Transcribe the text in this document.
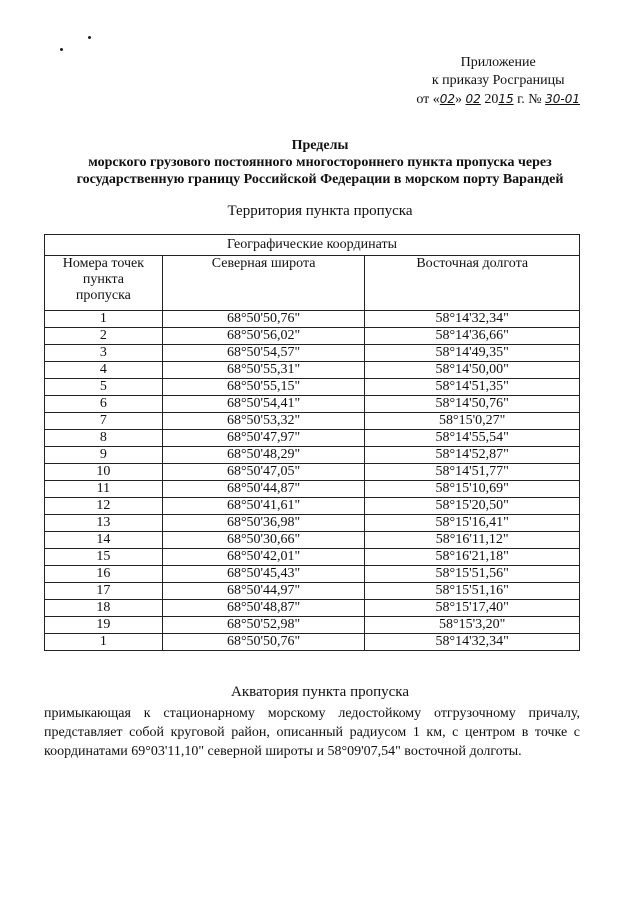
Приложение
к приказу Росграницы
от «02» 02 2015 г. № 30-01
Пределы
морского грузового постоянного многостороннего пункта пропуска через
государственную границу Российской Федерации в морском порту Варандей
Территория пункта пропуска
Географические координаты		

Номера точек
пункта
пропуска	Северная широта	Восточная долгота
1	68°50'50,76"	58°14'32,34"
2	68°50'56,02"	58°14'36,66"
3	68°50'54,57"	58°14'49,35"
4	68°50'55,31"	58°14'50,00"
5	68°50'55,15"	58°14'51,35"
6	68°50'54,41"	58°14'50,76"
7	68°50'53,32"	58°15'0,27"
8	68°50'47,97"	58°14'55,54"
9	68°50'48,29"	58°14'52,87"
10	68°50'47,05"	58°14'51,77"
11	68°50'44,87"	58°15'10,69"
12	68°50'41,61"	58°15'20,50"
13	68°50'36,98"	58°15'16,41"
14	68°50'30,66"	58°16'11,12"
15	68°50'42,01"	58°16'21,18"
16	68°50'45,43"	58°15'51,56"
17	68°50'44,97"	58°15'51,16"
18	68°50'48,87"	58°15'17,40"
19	68°50'52,98"	58°15'3,20"
1	68°50'50,76"	58°14'32,34"
Акватория пункта пропуска

примыкающая к стационарному морскому ледостойкому отгрузочному причалу, представляет собой круговой район, описанный радиусом 1 км, с центром в точке с координатами 69°03'11,10" северной широты и 58°09'07,54" восточной долготы.
